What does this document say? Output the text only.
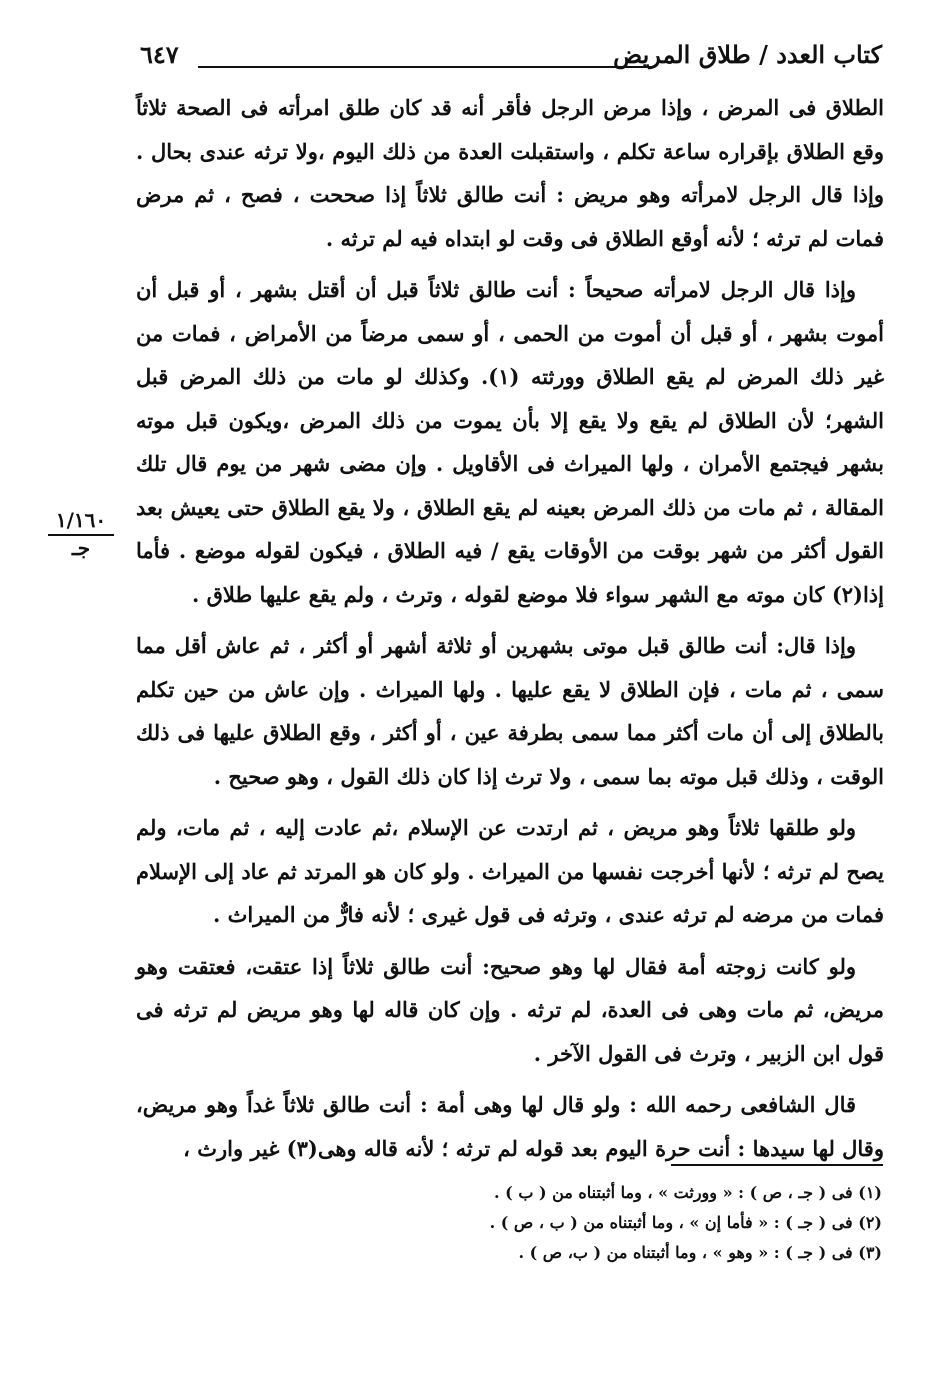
٦٤٧	كتاب العدد / طلاق المريض
١/١٦٠
جـ

الطلاق فى المرض ، وإذا مرض الرجل فأقر أنه قد كان طلق امرأته فى الصحة ثلاثاً وقع الطلاق بإقراره ساعة تكلم ، واستقبلت العدة من ذلك اليوم ،ولا ترثه عندى بحال . وإذا قال الرجل لامرأته وهو مريض : أنت طالق ثلاثاً إذا صححت ، فصح ، ثم مرض فمات لم ترثه ؛ لأنه أوقع الطلاق فى وقت لو ابتداه فيه لم ترثه .

وإذا قال الرجل لامرأته صحيحاً : أنت طالق ثلاثاً قبل أن أقتل بشهر ، أو قبل أن أموت بشهر ، أو قبل أن أموت من الحمى ، أو سمى مرضاً من الأمراض ، فمات من غير ذلك المرض لم يقع الطلاق وورثته (١). وكذلك لو مات من ذلك المرض قبل الشهر؛ لأن الطلاق لم يقع ولا يقع إلا بأن يموت من ذلك المرض ،ويكون قبل موته بشهر فيجتمع الأمران ، ولها الميراث فى الأقاويل . وإن مضى شهر من يوم قال تلك المقالة ، ثم مات من ذلك المرض بعينه لم يقع الطلاق ، ولا يقع الطلاق حتى يعيش بعد القول أكثر من شهر بوقت من الأوقات يقع / فيه الطلاق ، فيكون لقوله موضع . فأما إذا(٢) كان موته مع الشهر سواء فلا موضع لقوله ، وترث ، ولم يقع عليها طلاق .

وإذا قال: أنت طالق قبل موتى بشهرين أو ثلاثة أشهر أو أكثر ، ثم عاش أقل مما سمى ، ثم مات ، فإن الطلاق لا يقع عليها . ولها الميراث . وإن عاش من حين تكلم بالطلاق إلى أن مات أكثر مما سمى بطرفة عين ، أو أكثر ، وقع الطلاق عليها فى ذلك الوقت ، وذلك قبل موته بما سمى ، ولا ترث إذا كان ذلك القول ، وهو صحيح .

ولو طلقها ثلاثاً وهو مريض ، ثم ارتدت عن الإسلام ،ثم عادت إليه ، ثم مات، ولم يصح لم ترثه ؛ لأنها أخرجت نفسها من الميراث . ولو كان هو المرتد ثم عاد إلى الإسلام فمات من مرضه لم ترثه عندى ، وترثه فى قول غيرى ؛ لأنه فارٌّ من الميراث .

ولو كانت زوجته أمة فقال لها وهو صحيح: أنت طالق ثلاثاً إذا عتقت، فعتقت وهو مريض، ثم مات وهى فى العدة، لم ترثه . وإن كان قاله لها وهو مريض لم ترثه فى قول ابن الزبير ، وترث فى القول الآخر .

قال الشافعى رحمه الله : ولو قال لها وهى أمة : أنت طالق ثلاثاً غداً وهو مريض، وقال لها سيدها : أنت حرة اليوم بعد قوله لم ترثه ؛ لأنه قاله وهى(٣) غير وارث ،

(١) فى ( جـ ، ص ) : « وورثت » ، وما أثبتناه من ( ب ) .
(٢) فى ( جـ ) : « فأما إن » ، وما أثبتناه من ( ب ، ص ) .
(٣) فى ( جـ ) : « وهو » ، وما أثبتناه من ( ب، ص ) .
